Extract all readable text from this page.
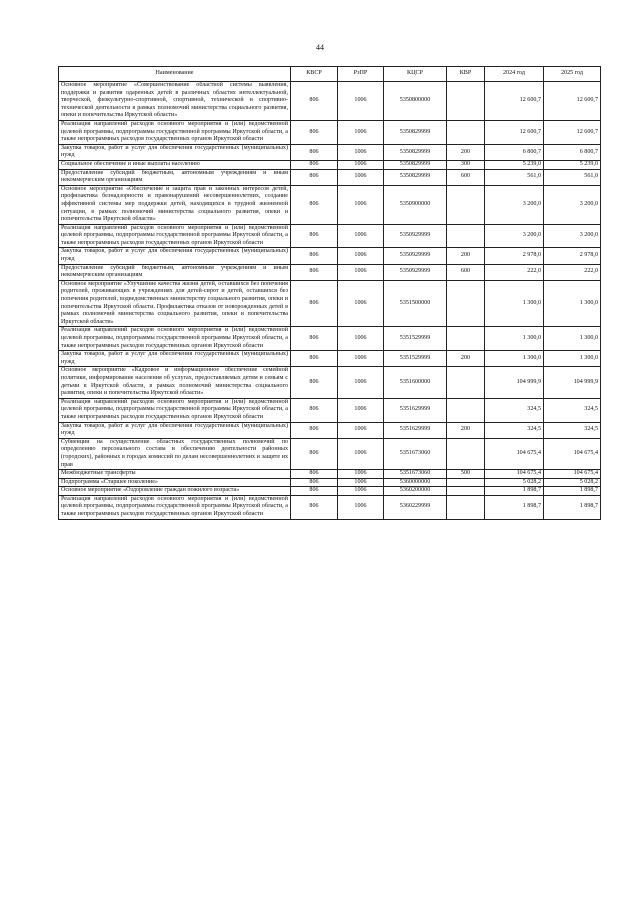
44
Наименование	КВСР	РзПР	КЦСР	КВР	2024 год	2025 год
Основное мероприятие «Совершенствование областной системы выявления, поддержки и развития одаренных детей в различных областях интеллектуальной, творческой, физкультурно-спортивной, спортивной, технической и спортивно-технической деятельности в рамках полномочий министерства социального развития, опеки и попечительства Иркутской области»	806	1006	5350800000		12 600,7	12 600,7
Реализация направлений расходов основного мероприятия и (или) ведомственной целевой программы, подпрограммы государственной программы Иркутской области, а также непрограммных расходов государственных органов Иркутской области	806	1006	5350829999		12 600,7	12 600,7
Закупка товаров, работ и услуг для обеспечения государственных (муниципальных) нужд	806	1006	5350829999	200	6 800,7	6 800,7
Социальное обеспечение и иные выплаты населению	806	1006	5350829999	300	5 239,0	5 239,0
Предоставление субсидий бюджетным, автономным учреждениям и иным некоммерческим организациям	806	1006	5350829999	600	561,0	561,0
Основное мероприятие «Обеспечение и защита прав и законных интересов детей, профилактика безнадзорности и правонарушений несовершеннолетних, создание эффективной системы мер поддержки детей, находящихся в трудной жизненной ситуации, в рамках полномочий министерства социального развития, опеки и попечительства Иркутской области»	806	1006	5350900000		3 200,0	3 200,0
Реализация направлений расходов основного мероприятия и (или) ведомственной целевой программы, подпрограммы государственной программы Иркутской области, а также непрограммных расходов государственных органов Иркутской области	806	1006	5350929999		3 200,0	3 200,0
Закупка товаров, работ и услуг для обеспечения государственных (муниципальных) нужд	806	1006	5350929999	200	2 978,0	2 978,0
Предоставление субсидий бюджетным, автономным учреждениям и иным некоммерческим организациям	806	1006	5350929999	600	222,0	222,0
Основное мероприятие «Улучшение качества жизни детей, оставшихся без попечения родителей, проживающих в учреждениях для детей-сирот и детей, оставшихся без попечения родителей, подведомственных министерству социального развития, опеки и попечительства Иркутской области. Профилактика отказов от новорожденных детей в рамках полномочий министерства социального развития, опеки и попечительства Иркутской области»	806	1006	5351500000		1 300,0	1 300,0
Реализация направлений расходов основного мероприятия и (или) ведомственной целевой программы, подпрограммы государственной программы Иркутской области, а также непрограммных расходов государственных органов Иркутской области	806	1006	5351529999		1 300,0	1 300,0
Закупка товаров, работ и услуг для обеспечения государственных (муниципальных) нужд	806	1006	5351529999	200	1 300,0	1 300,0
Основное мероприятие «Кадровое и информационное обеспечение семейной политики, информирование населения об услугах, предоставляемых детям и семьям с детьми в Иркутской области, в рамках полномочий министерства социального развития, опеки и попечительства Иркутской области»	806	1006	5351600000		104 999,9	104 999,9
Реализация направлений расходов основного мероприятия и (или) ведомственной целевой программы, подпрограммы государственной программы Иркутской области, а также непрограммных расходов государственных органов Иркутской области	806	1006	5351629999		324,5	324,5
Закупка товаров, работ и услуг для обеспечения государственных (муниципальных) нужд	806	1006	5351629999	200	324,5	324,5
Субвенции на осуществление областных государственных полномочий по определению персонального состава и обеспечению деятельности районных (городских), районных в городах комиссий по делам несовершеннолетних и защите их прав	806	1006	5351673060		104 675,4	104 675,4
Межбюджетные трансферты	806	1006	5351673060	500	104 675,4	104 675,4
Подпрограмма «Старшее поколение»	806	1006	5360000000		5 028,2	5 028,2
Основное мероприятие «Оздоровление граждан пожилого возраста»	806	1006	5360200000		1 898,7	1 898,7
Реализация направлений расходов основного мероприятия и (или) ведомственной целевой программы, подпрограммы государственной программы Иркутской области, а также непрограммных расходов государственных органов Иркутской области	806	1006	5360229999		1 898,7	1 898,7
